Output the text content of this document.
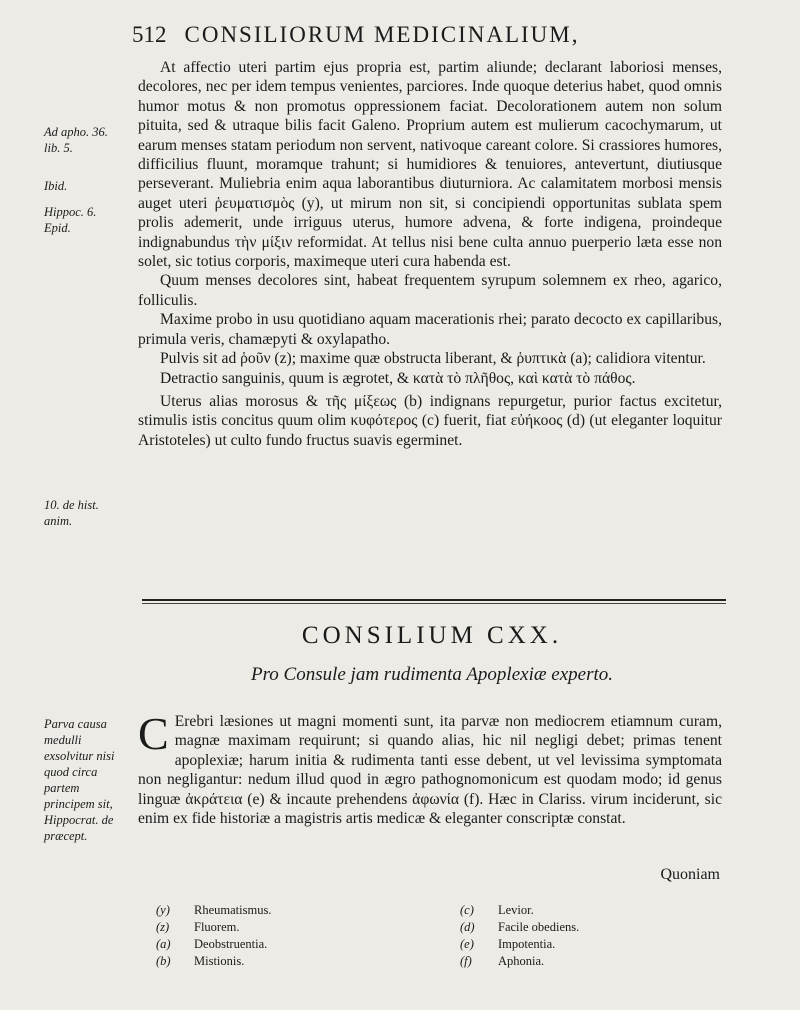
512 CONSILIORUM MEDICINALIUM,
Ad apho. 36. lib. 5.
Ibid.
Hippoc. 6. Epid.
10. de hist. anim.
Parva causa medulli exsolvitur nisi quod circa partem principem sit, Hippocrat. de præcept.

At affectio uteri partim ejus propria est, partim aliunde; declarant laboriosi menses, decolores, nec per idem tempus venientes, parciores. Inde quoque deterius habet, quod omnis humor motus & non promotus oppressionem faciat. Decolorationem autem non solum pituita, sed & utraque bilis facit Galeno. Proprium autem est mulierum cacochymarum, ut earum menses statam periodum non servent, nativoque careant colore. Si crassiores humores, difficilius fluunt, moramque trahunt; si humidiores & tenuiores, antevertunt, diutiusque perseverant. Muliebria enim aqua laborantibus diuturniora. Ac calamitatem morbosi mensis auget uteri ῥευματισμὸς (y), ut mirum non sit, si concipiendi opportunitas sublata spem prolis ademerit, unde irriguus uterus, humore advena, & forte indigena, proindeque indignabundus τὴν μίξιν reformidat. At tellus nisi bene culta annuo puerperio læta esse non solet, sic totius corporis, maximeque uteri cura habenda est.

Quum menses decolores sint, habeat frequentem syrupum solemnem ex rheo, agarico, folliculis.

Maxime probo in usu quotidiano aquam macerationis rhei; parato decocto ex capillaribus, primula veris, chamæpyti & oxylapatho.

Pulvis sit ad ῥοῦν (z); maxime quæ obstructa liberant, & ῥυπτικὰ (a); calidiora vitentur.

Detractio sanguinis, quum is ægrotet, & κατὰ τὸ πλῆθος, καὶ κατὰ τὸ πάθος.

Uterus alias morosus & τῆς μίξεως (b) indignans repurgetur, purior factus excitetur, stimulis istis concitus quum olim κυφότερος (c) fuerit, fiat εὐήκοος (d) (ut eleganter loquitur Aristoteles) ut culto fundo fructus suavis egerminet.

CONSILIUM CXX.
Pro Consule jam rudimenta Apoplexiæ experto.
C Erebri læsiones ut magni momenti sunt, ita parvæ non mediocrem etiamnum curam, magnæ maximam requirunt; si quando alias, hic nil negligi debet; primas tenent apoplexiæ; harum initia & rudimenta tanti esse debent, ut vel levissima symptomata non negligantur: nedum illud quod in ægro pathognomonicum est quodam modo; id genus linguæ ἀκράτεια (e) & incaute prehendens ἀφωνία (f). Hæc in Clariss. virum inciderunt, sic enim ex fide historiæ a magistris artis medicæ & eleganter conscriptæ constat.
Quoniam
(y) Rheumatismus.
(z) Fluorem.
(a) Deobstruentia.
(b) Mistionis.
(c) Levior.
(d) Facile obediens.
(e) Impotentia.
(f) Aphonia.
